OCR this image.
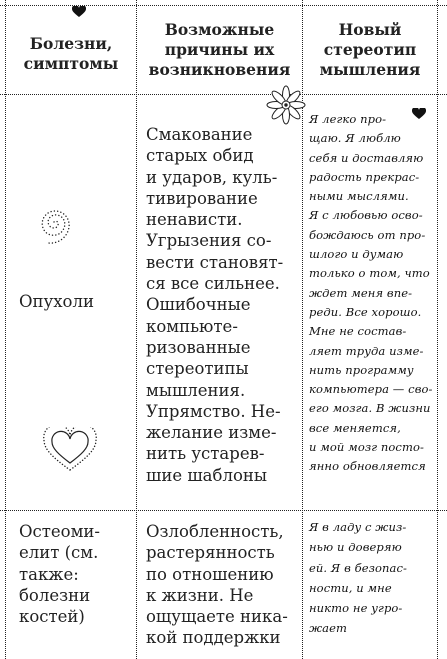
Болезни,
симптомы
Возможные
причины их
возникновения
Новый
стереотип
мышления
Опухоли
Смакование
старых обид
и ударов, куль-
тивирование
ненависти.
Угрызения со-
вести становят-
ся все сильнее.
Ошибочные
компьюте-
ризованные
стереотипы
мышления.
Упрямство. Не-
желание изме-
нить устарев-
шие шаблоны
Я легко про-
щаю. Я люблю
себя и доставляю
радость прекрас-
ными мыслями.
Я с любовью осво-
бождаюсь от про-
шлого и думаю
только о том, что
ждет меня впе-
реди. Все хорошо.
Мне не состав-
ляет труда изме-
нить программу
компьютера — сво-
его мозга. В жизни
все меняется,
и мой мозг посто-
янно обновляется
Остеоми-
елит (см.
также:
болезни
костей)
Озлобленность,
растерянность
по отношению
к жизни. Не
ощущаете ника-
кой поддержки
Я в ладу с жиз-
нью и доверяю
ей. Я в безопас-
ности, и мне
никто не угро-
жает
